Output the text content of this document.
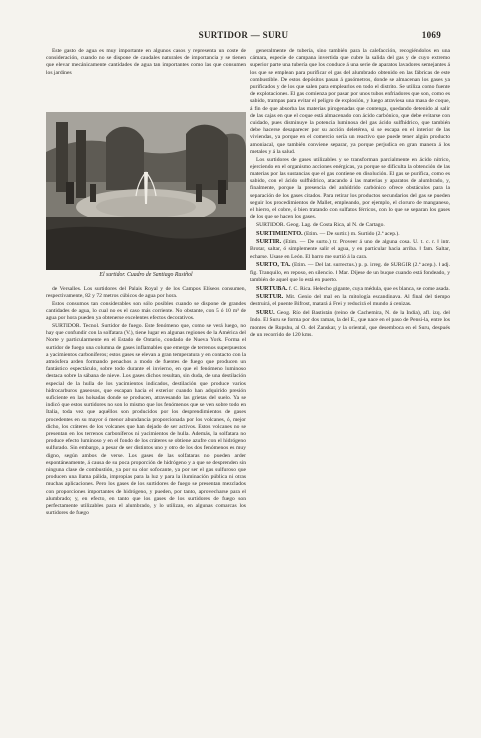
SURTIDOR — SURU	1069

Este gasto de agua es muy importante en algunos casos y representa un coste de consideración, cuando no se dispone de caudales naturales de importancia y se tienen que elevar mecánicamente cantidades de agua tan importantes como las que consumen los jardines

El surtidor. Cuadro de Santiago Rusiñol

de Versalles. Los surtidores del Palais Royal y de los Campos Elíseos consumen, respectivamente, 82 y 72 metros cúbicos de agua por hora.

Estos consumos tan considerables son sólo posibles cuando se dispone de grandes cantidades de agua, lo cual no es el caso más corriente. No obstante, con 5 ó 10 m³ de agua por hora pueden ya obtenerse excelentes efectos decorativos.

SURTIDOR. Tecnol. Surtidor de fuego. Este fenómeno que, como se verá luego, no hay que confundir con la solfatara (V.), tiene lugar en algunas regiones de la América del Norte y particularmente en el Estado de Ontario, condado de Nueva York. Forma el surtidor de fuego una columna de gases inflamables que emerge de terrenos superpuestos a yacimientos carboníferos; estos gases se elevan a gran temperatura y en contacto con la atmósfera arden formando penachos a modo de fuentes de fuego que producen un fantástico espectáculo, sobre todo durante el invierno, en que el fenómeno luminoso destaca sobre la sábana de nieve. Los gases dichos resultan, sin duda, de una destilación especial de la hulla de los yacimientos indicados, destilación que produce varios hidrocarburos gaseosos, que escapan hacia el exterior cuando han adquirido presión suficiente en las holsadas donde se producen, atravesando las grietas del suelo. Ya se indicó que estos surtidores no son lo mismo que los fenómenos que se ven sobre todo en Italia, toda vez que aquéllos son producidos por los desprendimientos de gases procedentes en su mayor ó menor abundancia proporcionada por los volcanes, ó, mejor dicho, los cráteres de los volcanes que han dejado de ser activos. Estos volcanes no se presentan en los terrenos carboníferos ni yacimientos de hulla. Además, la solfatara no produce efecto luminoso y en el fondo de los cráteres se obtiene azufre con el hidrógeno sulfurado. Sin embargo, a pesar de ser distintos uno y otro de los dos fenómenos es muy digno, según ambos de verse. Los gases de las solfataras no pueden arder espontáneamente, á causa de su poca proporción de hidrógeno y a que se desprenden sin ninguna clase de combustión, ya por su olor sofocante, ya por ser el gas sulfuroso que producen una llama pálida, impropias para la luz y para la iluminación pública ni otras muchas aplicaciones. Pero los gases de los surtidores de fuego se presentan mezclados con proporciones importantes de hidrógeno, y pueden, por tanto, aprovecharse para el alumbrado; y, en efecto, en tanto que los gases de los surtidores de fuego son perfectamente utilizables para el alumbrado, y lo utilizan, en algunas comarcas los surtidores de fuego

generalmente de tubería, sino también para la calefacción, recogiéndolos en una cámara, especie de campana invertida que cubre la salida del gas y de cuyo extremo superior parte una tubería que los conduce á una serie de aparatos lavadores semejantes á los que se emplean para purificar el gas del alumbrado obtenido en las fábricas de este combustible. De estos depósitos pasan á gasómetros, donde se almacenan los gases ya purificados y de los que salen para emplearlos en todo el distrito. Se utiliza como fuente de explotaciones. El gas comienza por pasar por unos tubos enfriadores que son, como es sabido, trampas para evitar el peligro de explosión, y luego atraviesa una masa de coque, á fin de que absorba las materias pirogenadas que contenga, quedando detenido al salir de las cajas en que el coque está almacenado con ácido carbónico, que debe evitarse con cuidado, pues disminuye la potencia luminosa del gas ácido sulfhídrico, que también debe hacerse desaparecer por su acción deletérea, si se escapa en el interior de las viviendas, ya porque en el comercio sería un reactivo que puede tener algún producto amoniacal, que también conviene separar, ya porque perjudica en gran manera á los metales y á la salud.

Los surtidores de gases utilizables y se transforman parcialmente en ácido nítrico, ejerciendo en el organismo acciones enérgicas, ya porque se dificulta la obtención de las materias por las sustancias que el gas contiene en disolución. El gas se purifica, como es sabido, con el ácido sulfhídrico, atacando á las materias y aparatos de alumbrado, y, finalmente, porque la presencia del anhídrido carbónico ofrece obstáculos para la separación de los gases citados. Para retirar los productos secundarios del gas se pueden seguir los procedimientos de Mallet, empleando, por ejemplo, el cloruro de manganeso, el hierro, el cobre, ó bien tratando con sulfatos férricos, con lo que se separan los gases de los que se hacen los gases.

SURTIDOR. Geog. Lag. de Costa Rica, al N. de Cartago.

SURTIMIENTO. (Etim. — De surtir.) m. Surtido (2.ª acep.).

SURTIR. (Etim. — De surto.) tr. Proveer á uno de alguna cosa. U. t. c. r. ‖ intr. Brotar, saltar, ó simplemente salir el agua, y en particular hacia arriba. ‖ fam. Saltar, echarse. Usase en León. El barro me surtió á la cara.

SURTO, TA. (Etim. — Del lat. surrectus.) p. p. irreg. de SURGIR (2.ª acep.). ‖ adj. fig. Tranquilo, en reposo, en silencio. ‖ Mar. Díjese de un buque cuando está fondeado, y también de aquel que lo está en puerto.

SURTUBA. f. C. Rica. Helecho gigante, cuya médula, que es blanca, se come asada.

SURTUR. Mit. Genio del mal en la mitología escandinava. Al final del tiempo destruirá, el puente Bifrost, matará á Frei y reducirá el mundo á cenizas.

SURU. Geog. Río del Bastistán (reino de Cachemira, N. de la India), afl. izq. del Indo. El Suru se forma por dos ramas, la del E., que nace en el paso de Pensi-la, entre los montes de Rupshu, al O. del Zanskar, y la oriental, que desemboca en el Suru, después de un recorrido de 120 kms.
